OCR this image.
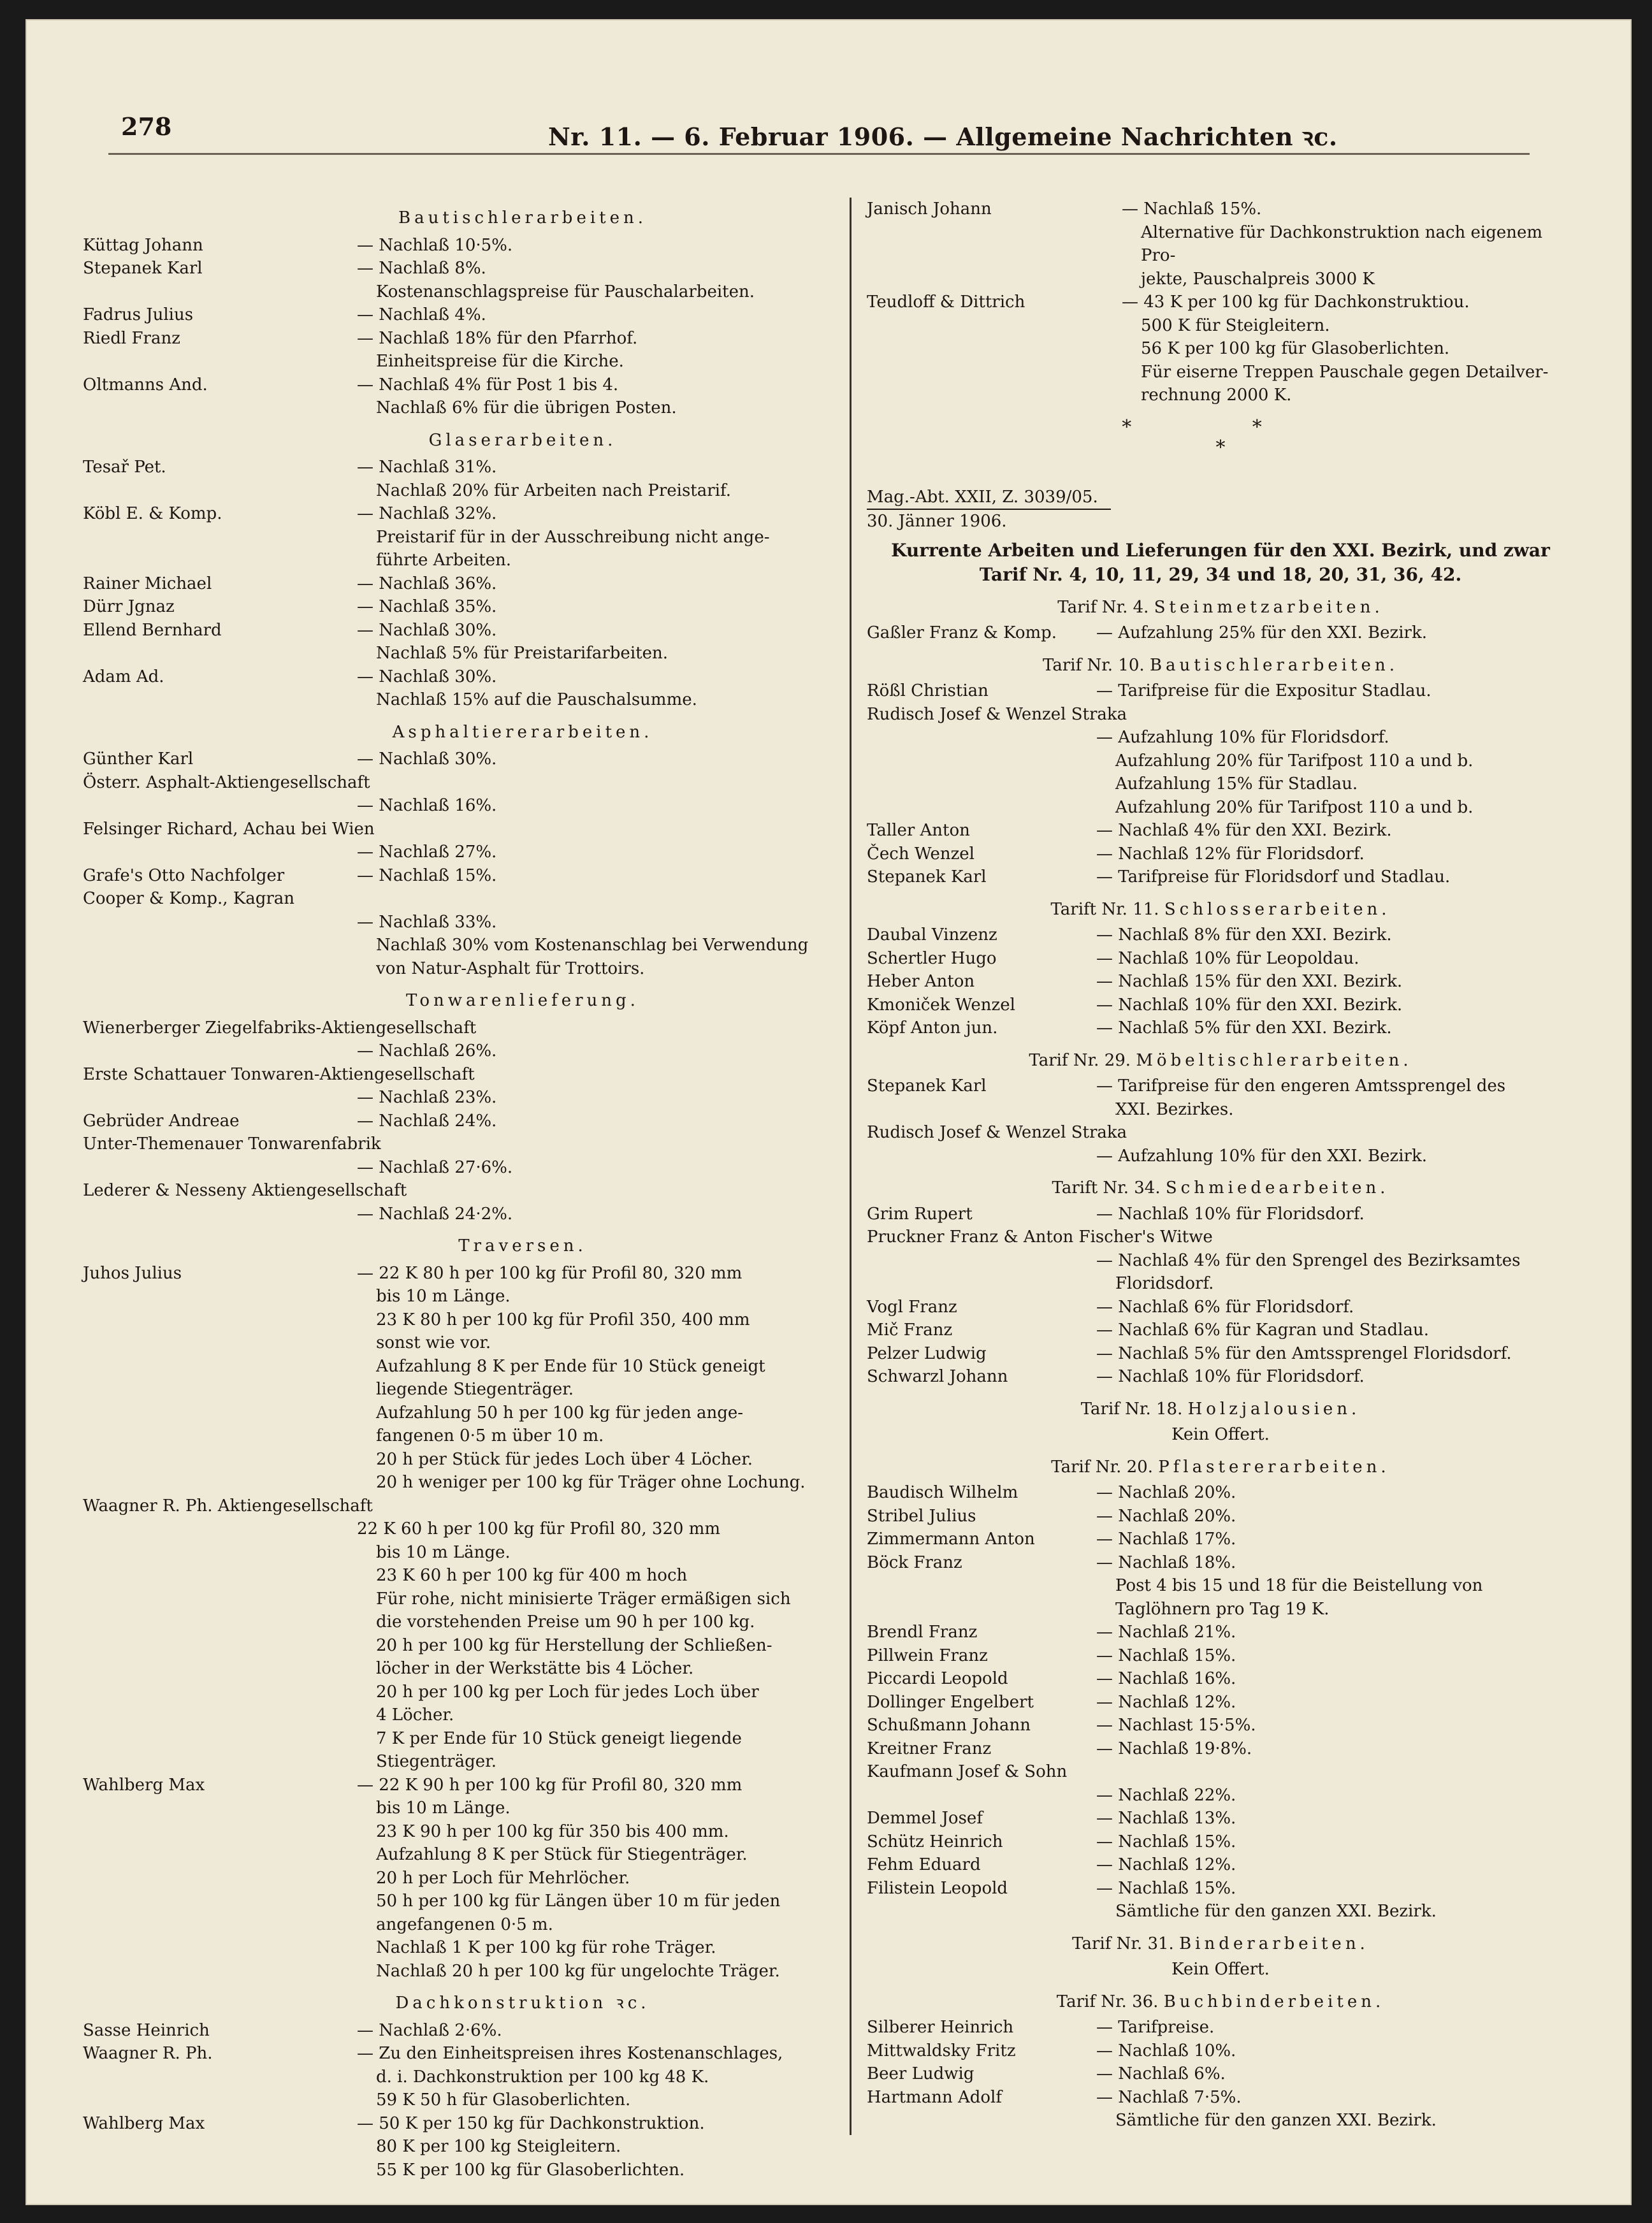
278	Nr. 11. — 6. Februar 1906. — Allgemeine Nachrichten ꝛc.
Bautischlerarbeiten.
Küttag Johann	— Nachlaß 10·5%.
Stepanek Karl	— Nachlaß 8%.
Kostenanschlagspreise für Pauschalarbeiten.
Fadrus Julius	— Nachlaß 4%.
Riedl Franz	— Nachlaß 18% für den Pfarrhof.
Einheitspreise für die Kirche.
Oltmanns And.	— Nachlaß 4% für Post 1 bis 4.
Nachlaß 6% für die übrigen Posten.
Glaserarbeiten.
Tesař Pet.	— Nachlaß 31%.
Nachlaß 20% für Arbeiten nach Preistarif.
Köbl E. & Komp.	— Nachlaß 32%.
Preistarif für in der Ausschreibung nicht ange-
führte Arbeiten.
Rainer Michael	— Nachlaß 36%.
Dürr Jgnaz	— Nachlaß 35%.
Ellend Bernhard	— Nachlaß 30%.
Nachlaß 5% für Preistarifarbeiten.
Adam Ad.	— Nachlaß 30%.
Nachlaß 15% auf die Pauschalsumme.
Asphaltiererarbeiten.
Günther Karl	— Nachlaß 30%.
Österr. Asphalt-Aktiengesellschaft
— Nachlaß 16%.
Felsinger Richard, Achau bei Wien
— Nachlaß 27%.
Grafe's Otto Nachfolger	— Nachlaß 15%.
Cooper & Komp., Kagran
— Nachlaß 33%.
Nachlaß 30% vom Kostenanschlag bei Verwendung
von Natur-Asphalt für Trottoirs.
Tonwarenlieferung.
Wienerberger Ziegelfabriks-Aktiengesellschaft
— Nachlaß 26%.
Erste Schattauer Tonwaren-Aktiengesellschaft
— Nachlaß 23%.
Gebrüder Andreae	— Nachlaß 24%.
Unter-Themenauer Tonwarenfabrik
— Nachlaß 27·6%.
Lederer & Nessenу Aktiengesellschaft
— Nachlaß 24·2%.
Traversen.
Juhos Julius	— 22 K 80 h per 100 kg für Profil 80, 320 mm
bis 10 m Länge.
23 K 80 h per 100 kg für Profil 350, 400 mm
sonst wie vor.
Aufzahlung 8 K per Ende für 10 Stück geneigt
liegende Stiegenträger.
Aufzahlung 50 h per 100 kg für jeden ange-
fangenen 0·5 m über 10 m.
20 h per Stück für jedes Loch über 4 Löcher.
20 h weniger per 100 kg für Träger ohne Lochung.
Waagner R. Ph. Aktiengesellschaft
22 K 60 h per 100 kg für Profil 80, 320 mm
bis 10 m Länge.
23 K 60 h per 100 kg für 400 m hoch
Für rohe, nicht minisierte Träger ermäßigen sich
die vorstehenden Preise um 90 h per 100 kg.
20 h per 100 kg für Herstellung der Schließen-
löcher in der Werkstätte bis 4 Löcher.
20 h per 100 kg per Loch für jedes Loch über
4 Löcher.
7 K per Ende für 10 Stück geneigt liegende
Stiegenträger.
Wahlberg Max	— 22 K 90 h per 100 kg für Profil 80, 320 mm
bis 10 m Länge.
23 K 90 h per 100 kg für 350 bis 400 mm.
Aufzahlung 8 K per Stück für Stiegenträger.
20 h per Loch für Mehrlöcher.
50 h per 100 kg für Längen über 10 m für jeden
angefangenen 0·5 m.
Nachlaß 1 K per 100 kg für rohe Träger.
Nachlaß 20 h per 100 kg für ungelochte Träger.
Dachkonstruktion ꝛc.
Sasse Heinrich	— Nachlaß 2·6%.
Waagner R. Ph.	— Zu den Einheitspreisen ihres Kostenanschlages,
d. i. Dachkonstruktion per 100 kg 48 K.
59 K 50 h für Glasoberlichten.
Wahlberg Max	— 50 K per 150 kg für Dachkonstruktion.
80 K per 100 kg Steigleitern.
55 K per 100 kg für Glasoberlichten.
Janisch Johann	— Nachlaß 15%.
Alternative für Dachkonstruktion nach eigenem Pro-
jekte, Pauschalpreis 3000 K
Teudloff & Dittrich	— 43 K per 100 kg für Dachkonstruktiou.
500 K für Steigleitern.
56 K per 100 kg für Glasoberlichten.
Für eiserne Treppen Pauschale gegen Detailver-
rechnung 2000 K.
* *
*
Mag.-Abt. XXII, Z. 3039/05.
30. Jänner 1906.
Kurrente Arbeiten und Lieferungen für den XXI. Bezirk, und zwar Tarif Nr. 4, 10, 11, 29, 34 und 18, 20, 31, 36, 42.
Tarif Nr. 4. Steinmetzarbeiten.
Gaßler Franz & Komp.	— Aufzahlung 25% für den XXI. Bezirk.
Tarif Nr. 10. Bautischlerarbeiten.
Rößl Christian	— Tarifpreise für die Expositur Stadlau.
Rudisch Josef & Wenzel Straka
— Aufzahlung 10% für Floridsdorf.
Aufzahlung 20% für Tarifpost 110 a und b.
Aufzahlung 15% für Stadlau.
Aufzahlung 20% für Tarifpost 110 a und b.
Taller Anton	— Nachlaß 4% für den XXI. Bezirk.
Čech Wenzel	— Nachlaß 12% für Floridsdorf.
Stepanek Karl	— Tarifpreise für Floridsdorf und Stadlau.
Tarift Nr. 11. Schlosserarbeiten.
Daubal Vinzenz	— Nachlaß 8% für den XXI. Bezirk.
Schertler Hugo	— Nachlaß 10% für Leopoldau.
Heber Anton	— Nachlaß 15% für den XXI. Bezirk.
Kmoniček Wenzel	— Nachlaß 10% für den XXI. Bezirk.
Köpf Anton jun.	— Nachlaß 5% für den XXI. Bezirk.
Tarif Nr. 29. Möbeltischlerarbeiten.
Stepanek Karl	— Tarifpreise für den engeren Amtssprengel des
XXI. Bezirkes.
Rudisch Josef & Wenzel Straka
— Aufzahlung 10% für den XXI. Bezirk.
Tarift Nr. 34. Schmiedearbeiten.
Grim Rupert	— Nachlaß 10% für Floridsdorf.
Pruckner Franz & Anton Fischer's Witwe
— Nachlaß 4% für den Sprengel des Bezirksamtes
Floridsdorf.
Vogl Franz	— Nachlaß 6% für Floridsdorf.
Mič Franz	— Nachlaß 6% für Kagran und Stadlau.
Pelzer Ludwig	— Nachlaß 5% für den Amtssprengel Floridsdorf.
Schwarzl Johann	— Nachlaß 10% für Floridsdorf.
Tarif Nr. 18. Holzjalousien.
Kein Offert.
Tarif Nr. 20. Pflastererarbeiten.
Baudisch Wilhelm	— Nachlaß 20%.
Stribel Julius	— Nachlaß 20%.
Zimmermann Anton	— Nachlaß 17%.
Böck Franz	— Nachlaß 18%.
Post 4 bis 15 und 18 für die Beistellung von
Taglöhnern pro Tag 19 K.
Brendl Franz	— Nachlaß 21%.
Pillwein Franz	— Nachlaß 15%.
Piccardi Leopold	— Nachlaß 16%.
Dollinger Engelbert	— Nachlaß 12%.
Schußmann Johann	— Nachlast 15·5%.
Kreitner Franz	— Nachlaß 19·8%.
Kaufmann Josef & Sohn
— Nachlaß 22%.
Demmel Josef	— Nachlaß 13%.
Schütz Heinrich	— Nachlaß 15%.
Fehm Eduard	— Nachlaß 12%.
Filistein Leopold	— Nachlaß 15%.
Sämtliche für den ganzen XXI. Bezirk.
Tarif Nr. 31. Binderarbeiten.
Kein Offert.
Tarif Nr. 36. Buchbinderbeiten.
Silberer Heinrich	— Tarifpreise.
Mittwaldsky Fritz	— Nachlaß 10%.
Beer Ludwig	— Nachlaß 6%.
Hartmann Adolf	— Nachlaß 7·5%.
Sämtliche für den ganzen XXI. Bezirk.
